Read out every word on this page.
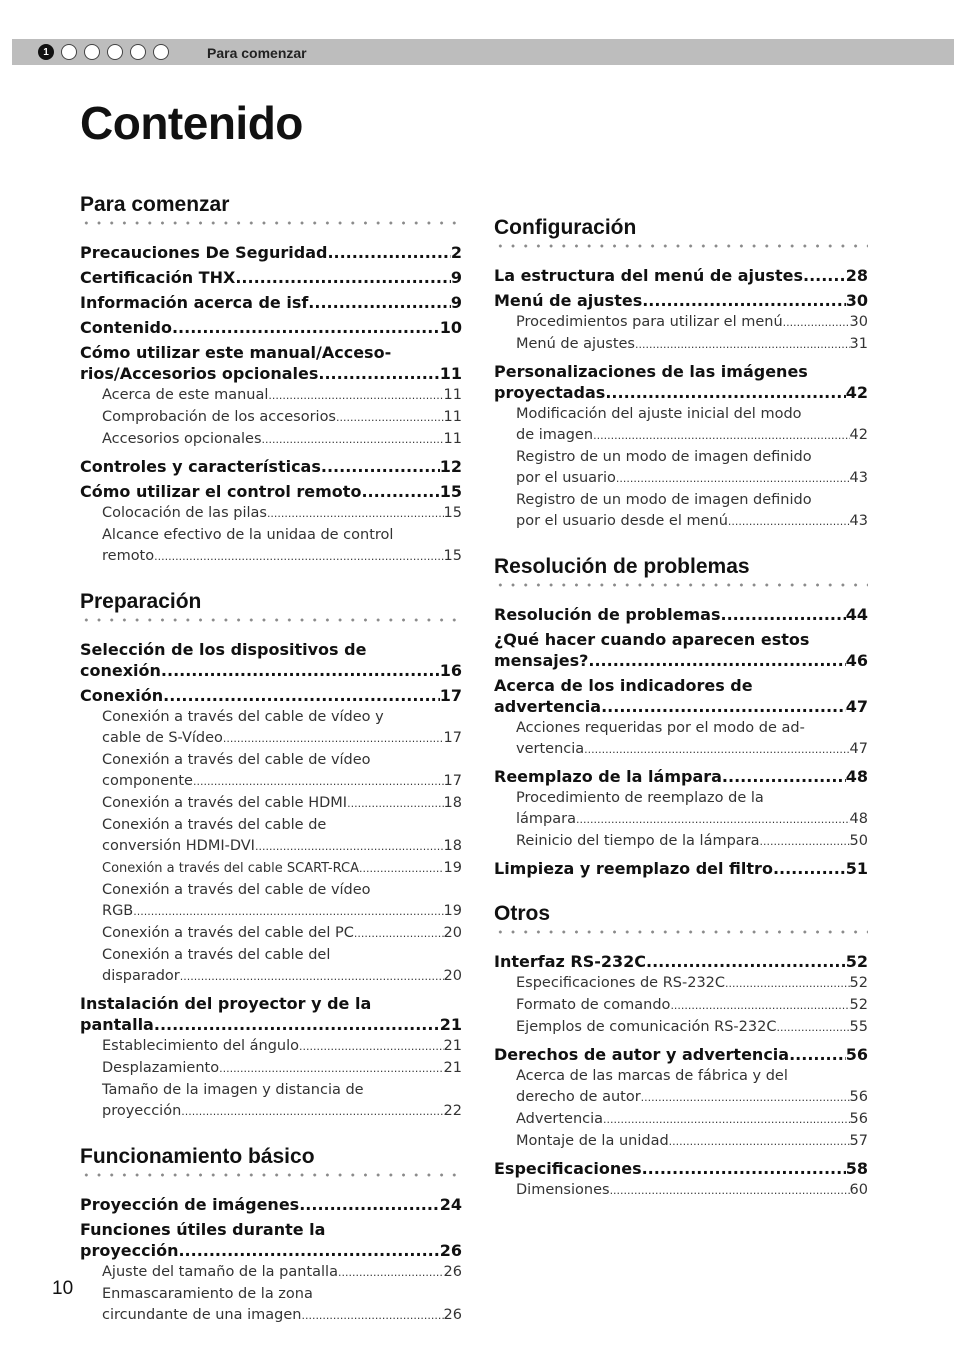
1	Para comenzar
Contenido
Para comenzar
Precauciones De Seguridad .....	2
Certificación THX .....	9
Información acerca de isf .....	9
Contenido .....	10
Cómo utilizar este manual/Acceso-
rios/Accesorios opcionales .....	11
Acerca de este manual .....	11
Comprobación de los accesorios .....	11
Accesorios opcionales .....	11
Controles y características .....	12
Cómo utilizar el control remoto .....	15
Colocación de las pilas .....	15
Alcance efectivo de la unidaa de control
remoto .....	15
Preparación
Selección de los dispositivos de
conexión .....	16
Conexión .....	17
Conexión a través del cable de vídeo y
cable de S-Vídeo .....	17
Conexión a través del cable de vídeo
componente .....	17
Conexión a través del cable HDMI .....	18
Conexión a través del cable de
conversión HDMI-DVI .....	18
Conexión a través del cable SCART-RCA .....	19
Conexión a través del cable de vídeo
RGB .....	19
Conexión a través del cable del PC .....	20
Conexión a través del cable del
disparador .....	20
Instalación del proyector y de la
pantalla .....	21
Establecimiento del ángulo .....	21
Desplazamiento .....	21
Tamaño de la imagen y distancia de
proyección .....	22
Funcionamiento básico
Proyección de imágenes .....	24
Funciones útiles durante la
proyección .....	26
Ajuste del tamaño de la pantalla .....	26
Enmascaramiento de la zona
circundante de una imagen .....	26
Configuración
La estructura del menú de ajustes .....	28
Menú de ajustes .....	30
Procedimientos para utilizar el menú .....	30
Menú de ajustes .....	31
Personalizaciones de las imágenes
proyectadas .....	42
Modificación del ajuste inicial del modo
de imagen .....	42
Registro de un modo de imagen definido
por el usuario .....	43
Registro de un modo de imagen definido
por el usuario desde el menú .....	43
Resolución de problemas
Resolución de problemas .....	44
¿Qué hacer cuando aparecen estos
mensajes? .....	46
Acerca de los indicadores de
advertencia .....	47
Acciones requeridas por el modo de ad-
vertencia .....	47
Reemplazo de la lámpara .....	48
Procedimiento de reemplazo de la
lámpara .....	48
Reinicio del tiempo de la lámpara .....	50
Limpieza y reemplazo del filtro .....	51
Otros
Interfaz RS-232C .....	52
Especificaciones de RS-232C .....	52
Formato de comando .....	52
Ejemplos de comunicación RS-232C .....	55
Derechos de autor y advertencia .....	56
Acerca de las marcas de fábrica y del
derecho de autor .....	56
Advertencia .....	56
Montaje de la unidad .....	57
Especificaciones .....	58
Dimensiones .....	60
10
